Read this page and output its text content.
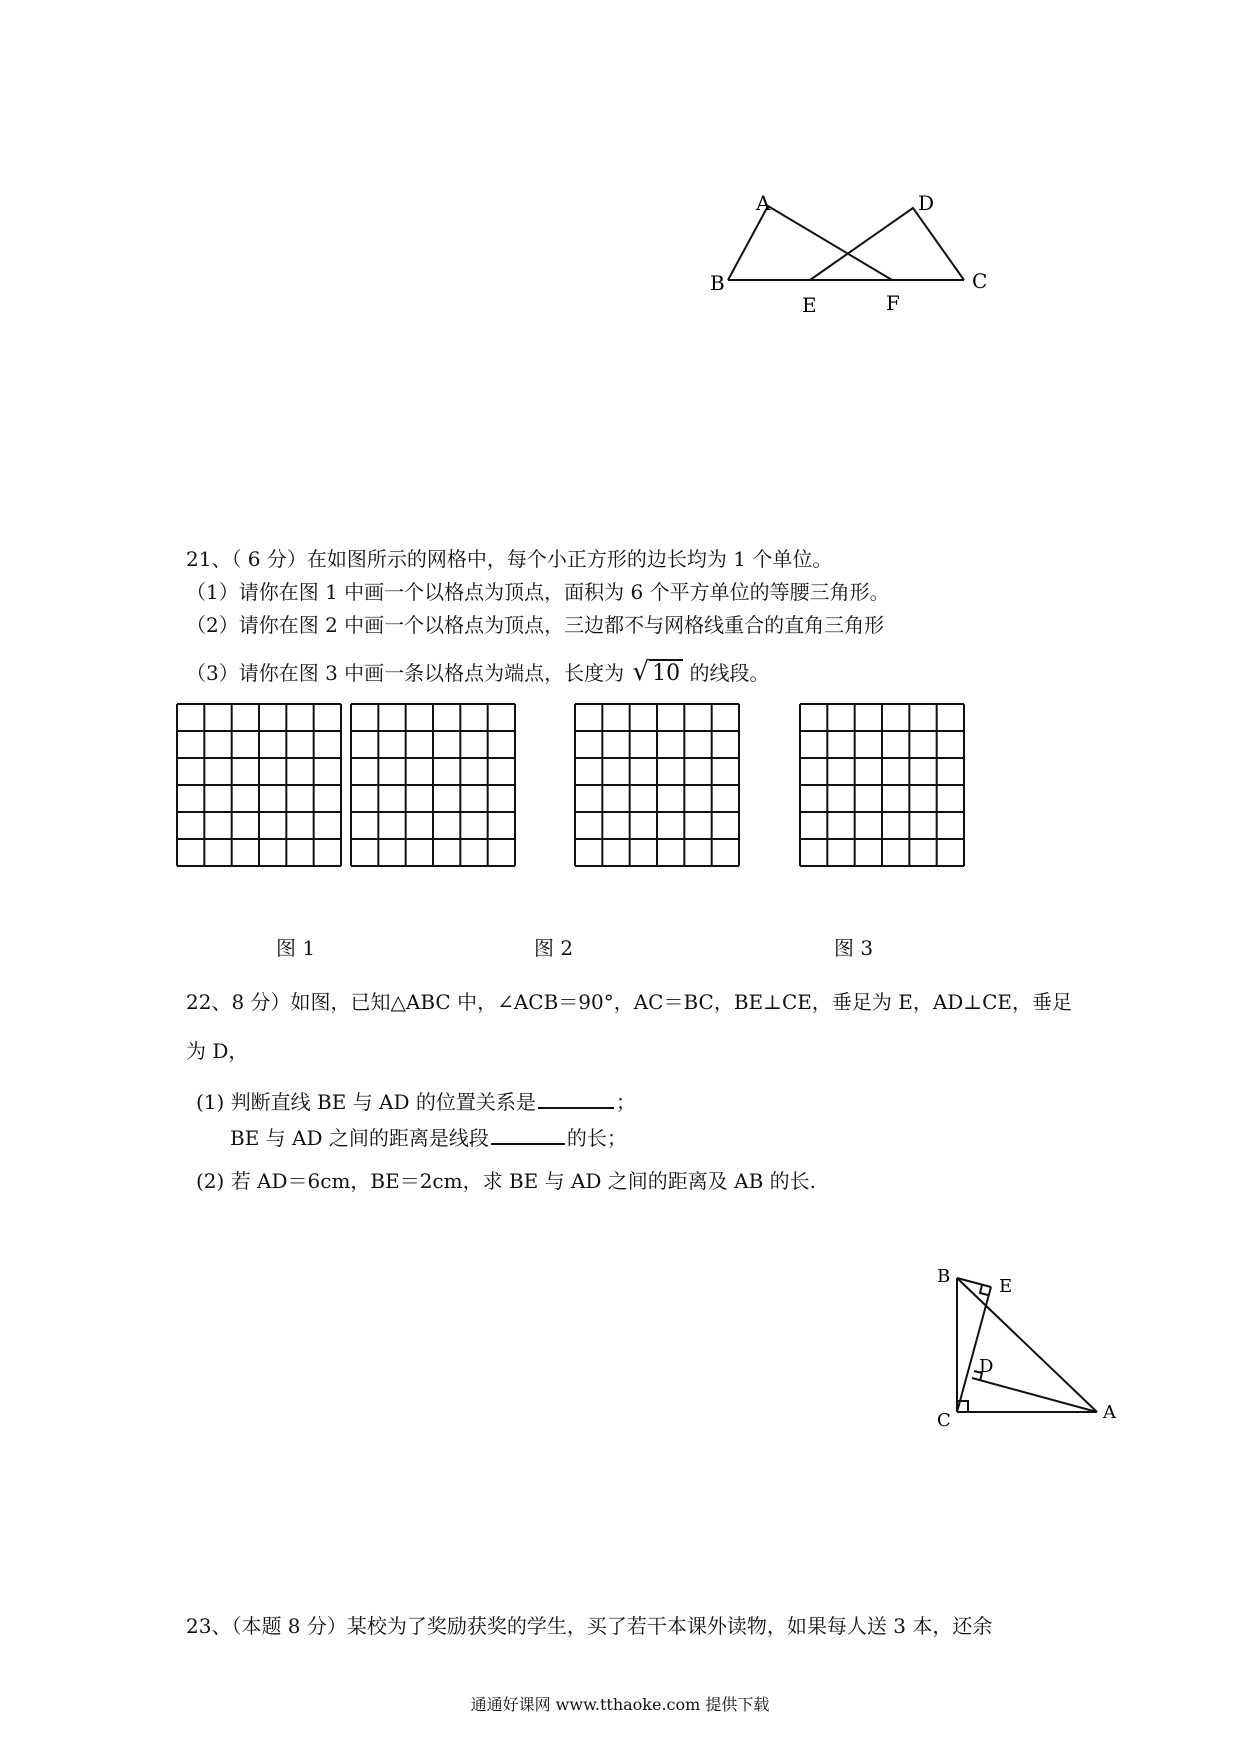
A
B	C
D
E	F
21、（ 6 分）在如图所示的网格中，每个小正方形的边长均为 1 个单位。
（1）请你在图 1 中画一个以格点为顶点，面积为 6 个平方单位的等腰三角形。
（2）请你在图 2 中画一个以格点为顶点，三边都不与网格线重合的直角三角形
（3）请你在图 3 中画一条以格点为端点，长度为 √ 10 的线段。
图 1	图 2	图 3
22、8 分）如图，已知△ABC 中，∠ACB＝90°，AC＝BC，BE⊥CE，垂足为 E，AD⊥CE，垂足
为 D，
(1) 判断直线 BE 与 AD 的位置关系是	；
BE 与 AD 之间的距离是线段	的长；
(2) 若 AD＝6cm，BE＝2cm，求 BE 与 AD 之间的距离及 AB 的长.
B	E
D
C	A
23、（本题 8 分）某校为了奖励获奖的学生，买了若干本课外读物，如果每人送 3 本，还余
通通好课网 www.tthaoke.com 提供下载
